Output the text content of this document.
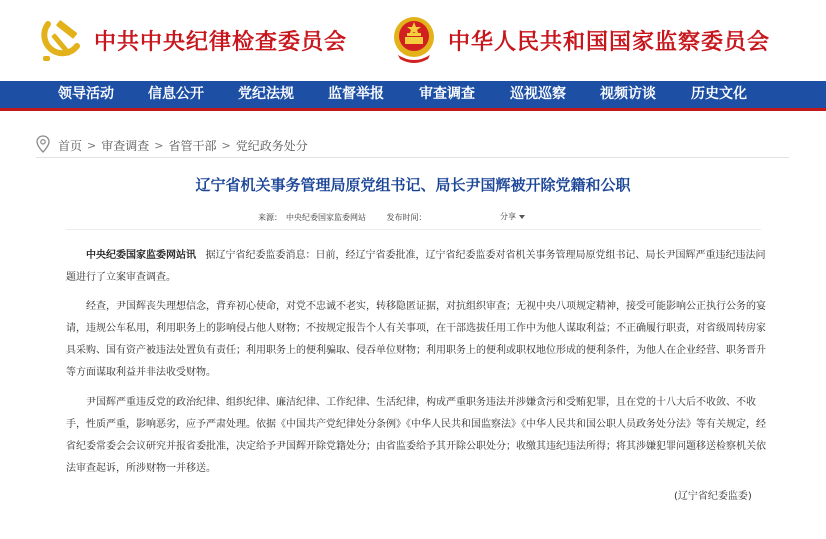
中共中央纪律检查委员会	中华人民共和国国家监察委员会
领导活动 信息公开 党纪法规 监督举报	审查调查	巡视巡察 视频访谈	历史文化
首页 > 审查调查 > 省管干部 > 党纪政务处分
辽宁省机关事务管理局原党组书记、局长尹国辉被开除党籍和公职
来源： 中央纪委国家监委网站	发布时间：	分享
中央纪委国家监委网站讯 据辽宁省纪委监委消息：日前，经辽宁省委批准，辽宁省纪委监委对省机关事务管理局原党组书记、局长尹国辉严重违纪违法问题进行了立案审查调查。
经查，尹国辉丧失理想信念，背弃初心使命，对党不忠诚不老实，转移隐匿证据，对抗组织审查；无视中央八项规定精神，接受可能影响公正执行公务的宴请，违规公车私用，利用职务上的影响侵占他人财物；不按规定报告个人有关事项，在干部选拔任用工作中为他人谋取利益；不正确履行职责，对省级周转房家具采购、国有资产被违法处置负有责任；利用职务上的便利骗取、侵吞单位财物；利用职务上的便利或职权地位形成的便利条件，为他人在企业经营、职务晋升等方面谋取利益并非法收受财物。
尹国辉严重违反党的政治纪律、组织纪律、廉洁纪律、工作纪律、生活纪律，构成严重职务违法并涉嫌贪污和受贿犯罪，且在党的十八大后不收敛、不收手，性质严重，影响恶劣，应予严肃处理。依据《中国共产党纪律处分条例》《中华人民共和国监察法》《中华人民共和国公职人员政务处分法》等有关规定，经省纪委常委会会议研究并报省委批准，决定给予尹国辉开除党籍处分；由省监委给予其开除公职处分；收缴其违纪违法所得；将其涉嫌犯罪问题移送检察机关依法审查起诉，所涉财物一并移送。
(辽宁省纪委监委)
